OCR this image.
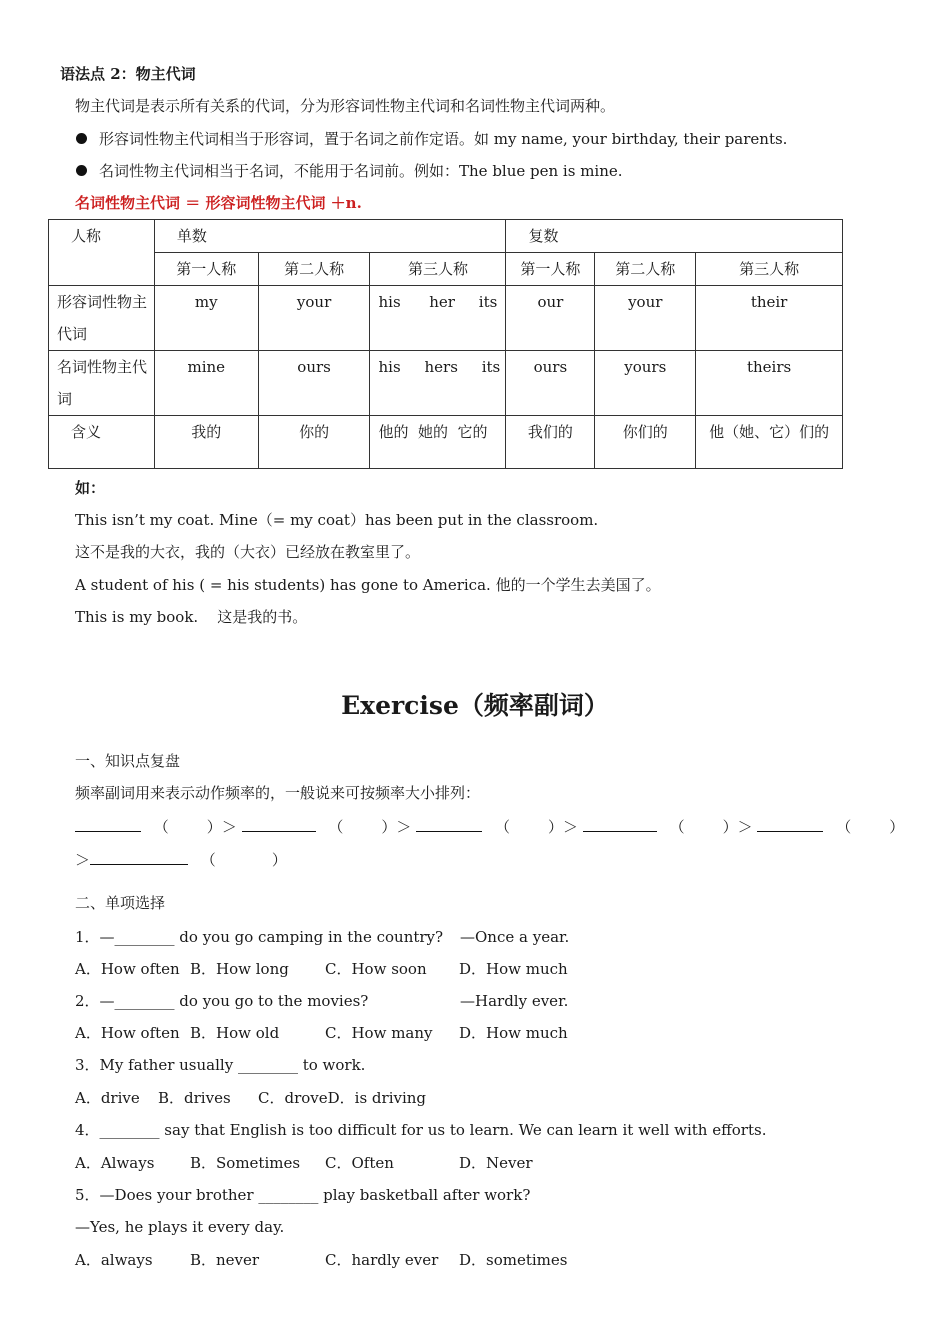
语法点 2：物主代词
物主代词是表示所有关系的代词，分为形容词性物主代词和名词性物主代词两种。
形容词性物主代词相当于形容词，置于名词之前作定语。如 my name, your birthday, their parents.
名词性物主代词相当于名词，不能用于名词前。例如：The blue pen is mine.
名词性物主代词 ＝ 形容词性物主代词 ＋n.
人称	单数			复数		
	第一人称	第二人称	第三人称	第一人称	第二人称	第三人称
形容词性物主代词	my	your	his      her     its	our	your	their
名词性物主代词	mine	ours	his     hers     its	ours	yours	theirs
含义	我的	你的	他的  她的  它的	我们的	你们的	他（她、它）们的
如：
This isn’t my coat. Mine（= my coat）has been put in the classroom.
这不是我的大衣，我的（大衣）已经放在教室里了。
A student of his ( = his students) has gone to America. 他的一个学生去美国了。
This is my book.    这是我的书。
Exercise（频率副词）
一、知识点复盘
频率副词用来表示动作频率的，一般说来可按频率大小排列：
（	）＞	（	）＞	（	）＞	（	）＞	（	）
＞	（	）
二、单项选择
1．—________ do you go camping in the country? —Once a year.
A．How often B．How long C．How soon D．How much
2．—________ do you go to the movies?	—Hardly ever.
A．How often B．How old	C．How many D．How much
3．My father usually ________ to work.
A．drive B．drives C．droveD．is driving
4．________ say that English is too difficult for us to learn. We can learn it well with efforts.
A．Always B．Sometimes C．Often	D．Never
5．—Does your brother ________ play basketball after work?
—Yes, he plays it every day.
A．always B．never	C．hardly ever D．sometimes
